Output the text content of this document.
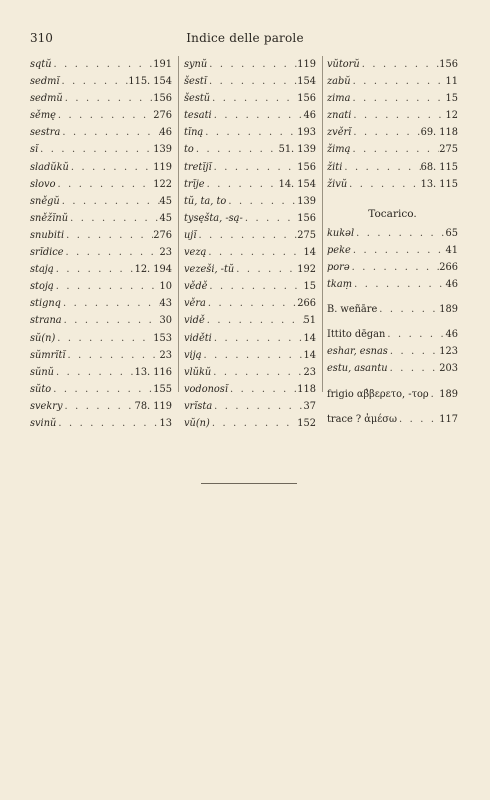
310	Indice delle parole
sqtŭ . . .	191
sedmĭ . . .	115. 154
sedmŭ . . .	156
sěmę . . .	276
sestra . . .	46
sĭ . . .	139
sladŭkŭ . . .	119
slovo . . .	122
sněgŭ . . .	45
sněžĭnŭ . . .	45
snubiti . . .	276
srĭdice . . .	23
stają . . .	12. 194
stoją . . .	10
stignq . . .	43
strana . . .	30
sŭ(n) . . .	153
sŭmrĭtĭ . . .	23
sŭnŭ . . .	13. 116
sŭto . . .	155
svekry . . .	78. 119
svinŭ . . .	13
synŭ . . .	119
šestĭ . . .	154
šestŭ . . .	156
tesati . . .	46
tĭną . . .	193
to . . .	51. 139
tretĭjĭ . . .	156
trĭje . . .	14. 154
tŭ, ta, to . . .	139
tysęšta, -są- . . .	156
ujĭ . . .	275
vezą . . .	14
vezeši, -tŭ . . .	192
vědě . . .	15
věra . . .	266
vidě . . .	51
viděti . . .	14
viją . . .	14
vlŭkŭ . . .	23
vodonosĭ . . .	118
vrĭsta . . .	37
vŭ(n) . . .	152
vŭtorŭ . . .	156
zabŭ . . .	11
zima . . .	15
znati . . .	12
zvěrĭ . . .	69. 118
žimą . . .	275
žiti . . .	68. 115
živŭ . . .	13. 115
Tocarico.
kukəl . . .	65
peke . . .	41
porə . . .	266
tkaṃ . . .	46
B. weñāre . . .	189
Ittito dēgan . . .	46
eshar, esnas . . .	123
estu, asantu . . .	203
frigio αβ̓βερετο, -τορ . . . 189
trace ? ἀμέσω . . .	117
